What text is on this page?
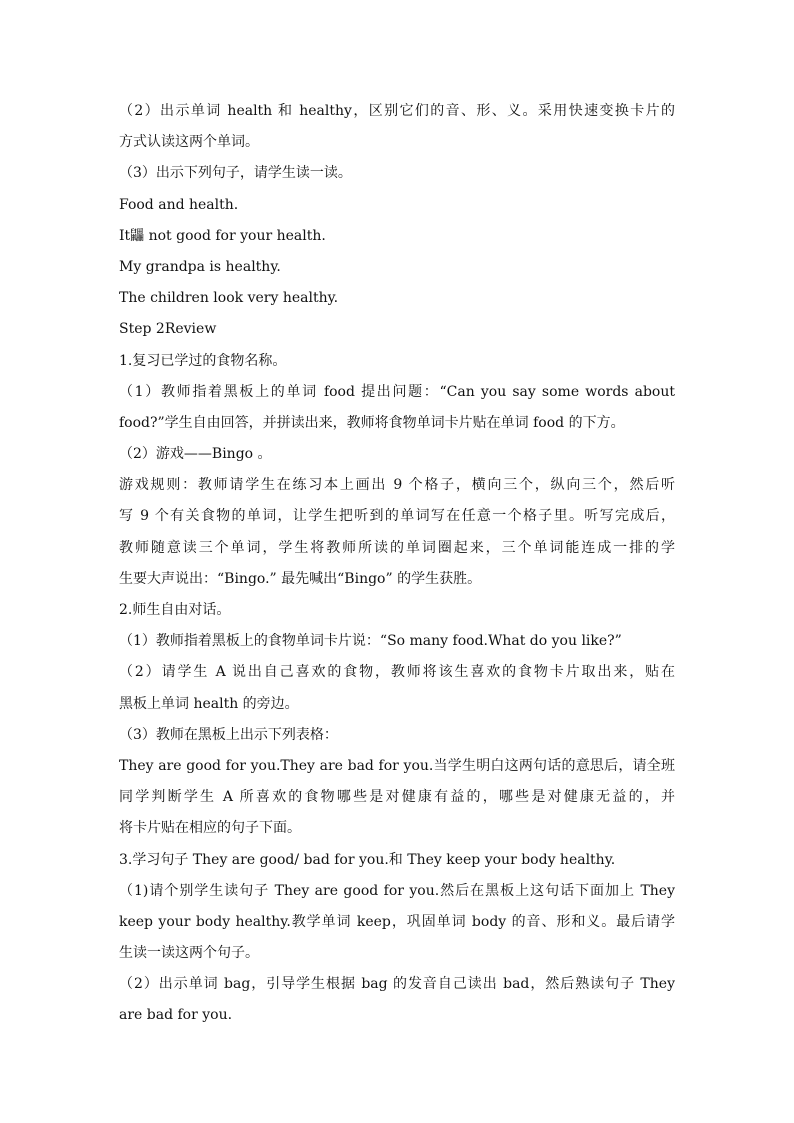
（2）出示单词 health 和 healthy，区别它们的音、形、义。采用快速变换卡片的
方式认读这两个单词。
（3）出示下列句子，请学生读一读。
Food and health.
It鼺 not good for your health.
My grandpa is healthy.
The children look very healthy.
Step 2Review
1.复习已学过的食物名称。
（1）教师指着黑板上的单词 food 提出问题：“Can you say some words about
food?”学生自由回答，并拼读出来，教师将食物单词卡片贴在单词 food 的下方。
（2）游戏——Bingo 。
游戏规则：教师请学生在练习本上画出 9 个格子，横向三个，纵向三个，然后听
写 9 个有关食物的单词，让学生把听到的单词写在任意一个格子里。听写完成后，
教师随意读三个单词，学生将教师所读的单词圈起来，三个单词能连成一排的学
生要大声说出：“Bingo.” 最先喊出“Bingo” 的学生获胜。
2.师生自由对话。
（1）教师指着黑板上的食物单词卡片说：“So many food.What do you like?”
（2）请学生 A 说出自己喜欢的食物，教师将该生喜欢的食物卡片取出来，贴在
黑板上单词 health 的旁边。
（3）教师在黑板上出示下列表格：
They are good for you.They are bad for you.当学生明白这两句话的意思后，请全班
同学判断学生 A 所喜欢的食物哪些是对健康有益的，哪些是对健康无益的，并
将卡片贴在相应的句子下面。
3.学习句子 They are good/ bad for you.和 They keep your body healthy.
（1)请个别学生读句子 They are good for you.然后在黑板上这句话下面加上 They
keep your body healthy.教学单词 keep，巩固单词 body 的音、形和义。最后请学
生读一读这两个句子。
（2）出示单词 bag，引导学生根据 bag 的发音自己读出 bad，然后熟读句子 They
are bad for you.
